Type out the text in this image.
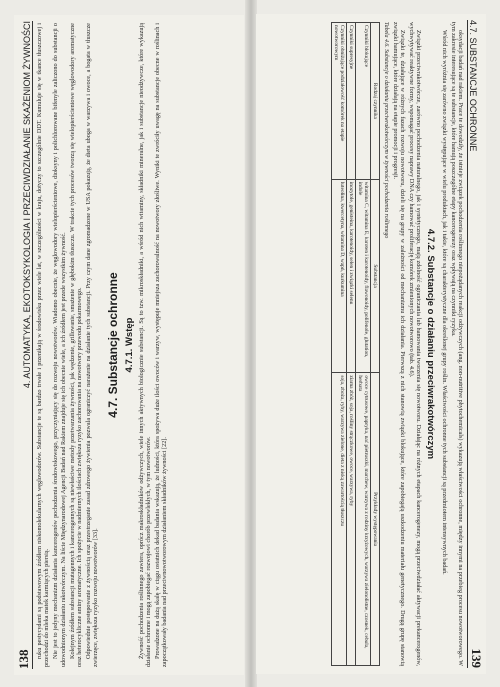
138
4. AUTOMATYKA, EKOTOKSYKOLOGIA I PRZECIWDZIAŁANIE SKAŻENIOM ŻYWNOŚCI ruku pestycydami są podstawowym źródłem niskomolekularnych węglowodorów. Substancje te są bardzo trwałe i przenikają w środowisku przez wiele lat, w szczególności w kraju, dotyczy to szczególnie DDT. Kumuluje się w tkance tłuszczowej i przechodzi do mleka matek karmiących piersią. Nie jest to jedyny mechanizm działania kancerogenów pochodzenia środowiskowego, przyczyniający się do rozwoju nowotworów. Wiadomo obecnie, że węglowodory wielopierścieniowe, dioksyny i polichlorowane bifenyle zaliczono do substancji o udowodnionym działaniu rakotwórczym. Na liście Międzynarodowej Agencji Badań nad Rakiem znajduje się ich obecnie wiele, a ich źródłem jest przede wszystkim żywność. Kolejnym źródłem substancji mutagennych i kancerogennych są niewłaściwe metody przetwarzania żywności, jak wędzenie, grillowanie, smażenie w głębokim tłuszczu. W trakcie tych procesów tworzą się wielopierścieniowe węglowodory aromatyczne oraz heterocykliczne aminy aromatyczne. Ich spożycie w nadmiernych ilościach zwiększa ryzyko zachorowania na nowotwory przewodu pokarmowego. Odpowiednie postępowanie z żywnością oraz przestrzeganie zasad zdrowego żywienia pozwala ograniczyć narażenie na działanie tych substancji. Przy czym dane zgromadzone w USA pokazują, że dieta uboga w warzywa i owoce, a bogata w tłuszcze zwierzęce, zwiększa ryzyko rozwoju nowotworów [33].

4.7. Substancje ochronne 4.7.1. Wstęp Żywność pochodzenia roślinnego zawiera, oprócz makroskładników odżywczych, wiele innych aktywnych biologicznie substancji. Są to tzw. mikroskładniki, a wśród nich witaminy, składniki mineralne, jak i substancje nieodżywcze, które wykazują działanie ochronne i mogą zapobiegać rozwojowi chorób przewlekłych, w tym nowotworów. Prowadzone na dużą skalę w ciągu ostatnich dekad badania wskazują, że ludności, która spożywa duże ilości owoców i warzyw, występuje mniejsza zachorowalność na nowotwory złośliwe. Wyniki te zwróciły uwagę na substancje obecne w roślinach i zapoczątkowały badania nad przeciwnowotworowym działaniem składników żywności [22].

4.7. SUBSTANCJE OCHRONNE
139

oksydacji badań nad rakiem. Prace te dowodziły, że istnieje związek pochodzenia roślinnego niepożądanych reakcji odżywczych (ang. non-nutritive phytochemicals) wykazują właściwości ochronne, między innymi na przebieg procesu nowotworowego. W tym zakresie interesujące są te substancje, które hamują poszczególne etapy kancerogenezy oraz wpływają na czynniki ryzyka.

Wśród nich wyróżnia się zarówno związki występujące w wielu produktach, jak i takie, które są charakterystyczne dla określonej grupy roślin. Właściwości ochronne tych substancji są przedmiotem intensywnych badań.

4.7.2. Substancje o działaniu przeciwrakotwórczym

Związki przeciwrakotwórcze, zarówno pochodzenia naturalnego, jak i syntetycznego, mają zdolność ograniczania lub hamowania tworzenia się nowotworu. Działając na różnych etapach kancerogenezy, mogą przeciwdziałać aktywacji prekancerogenów, wychwytywać reaktywne formy, wspomagać procesy naprawy DNA czy hamować proliferację komórek zmienionych nowotworowo (tab. 4.6).

Związki te, działające w różnych fazach rozwoju nowotworu, dzieli się na grupy w zależności od mechanizmu ich działania. Pierwszą z nich stanowią związki blokujące, które zapobiegają uszkodzeniu materiału genetycznego. Drugą grupę stanowią związki hamujące, które działają na etapie promocji i progresji.

Tabela 4.6. Substancje o działaniu przeciwrakotwórczym w żywności pochodzenia roślinnego
Rodzaj czynnika	Substancja	Przykłady występowania
Czynniki blokujące	witamina C, witamina E, karoten i karotenoidy, flawonoidy, polifenole, glutation, indole	owoce cytrusowe, papryka, nać pietruszki, marchew, warzywa z rodziny krzyżowych, warzywa zielonolistne, czosnek, cebula, herbata
Czynniki supresyjne	inozytole, genisteina, karotenoidy, selen i związki selenu	ziarna zbóż, soja, rośliny strączkowe, owoce, warzywa, ryby
Czynniki obniżające podziałowość komórek na etapie nowotworowym	luteolina, kwercetyna, witamina D, wapń, kurkumina	soja, zboża, ryby, warzywa zielone, dieta z niską zawartością tłuszczu
